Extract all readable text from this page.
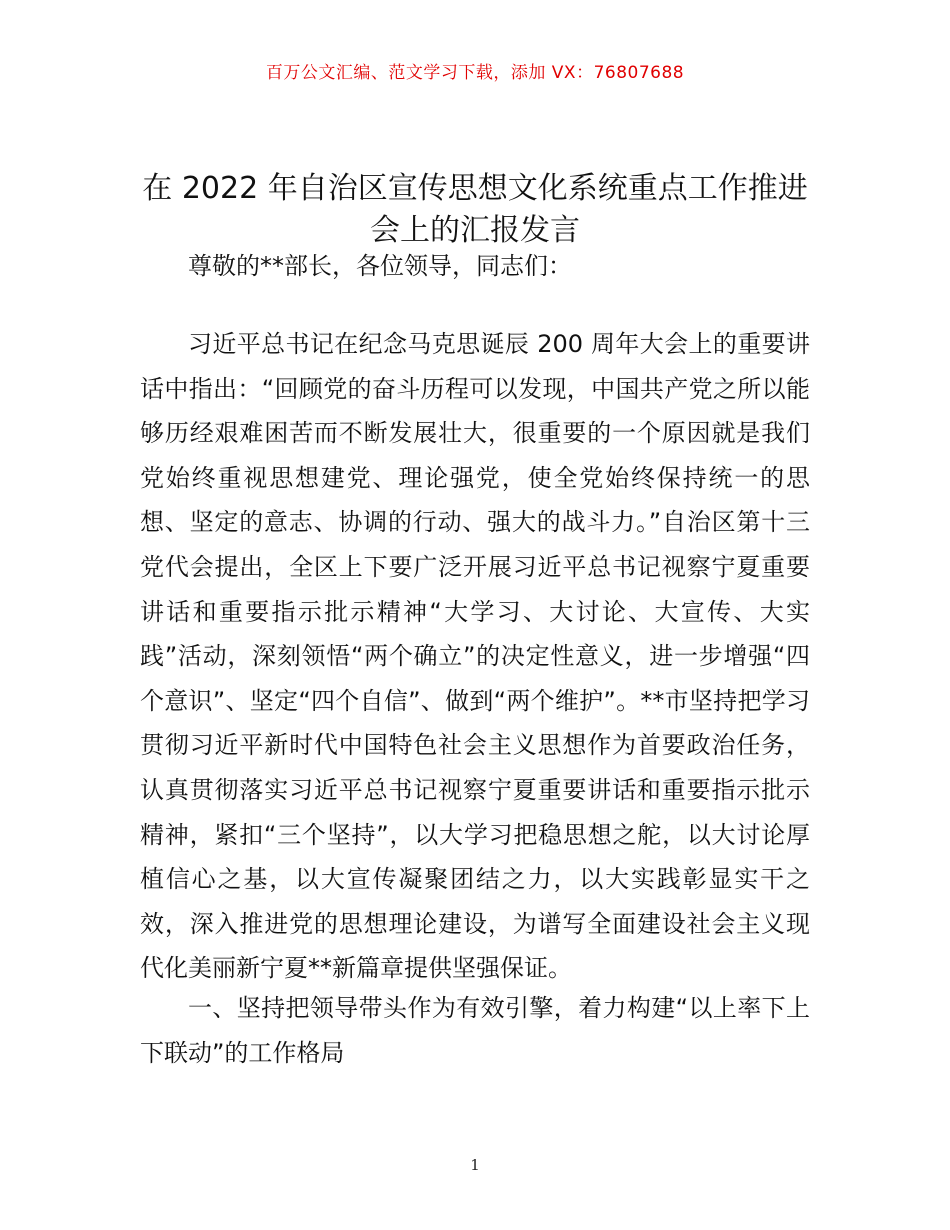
百万公文汇编、范文学习下载，添加 VX：76807688
在 2022 年自治区宣传思想文化系统重点工作推进会上的汇报发言

尊敬的**部长，各位领导，同志们：

习近平总书记在纪念马克思诞辰 200 周年大会上的重要讲话中指出：“回顾党的奋斗历程可以发现，中国共产党之所以能够历经艰难困苦而不断发展壮大，很重要的一个原因就是我们党始终重视思想建党、理论强党，使全党始终保持统一的思想、坚定的意志、协调的行动、强大的战斗力。”自治区第十三党代会提出，全区上下要广泛开展习近平总书记视察宁夏重要讲话和重要指示批示精神“大学习、大讨论、大宣传、大实践”活动，深刻领悟“两个确立”的决定性意义，进一步增强“四个意识”、坚定“四个自信”、做到“两个维护”。**市坚持把学习贯彻习近平新时代中国特色社会主义思想作为首要政治任务，认真贯彻落实习近平总书记视察宁夏重要讲话和重要指示批示精神，紧扣“三个坚持”，以大学习把稳思想之舵，以大讨论厚植信心之基，以大宣传凝聚团结之力，以大实践彰显实干之效，深入推进党的思想理论建设，为谱写全面建设社会主义现代化美丽新宁夏**新篇章提供坚强保证。

一、坚持把领导带头作为有效引擎，着力构建“以上率下上下联动”的工作格局

1
